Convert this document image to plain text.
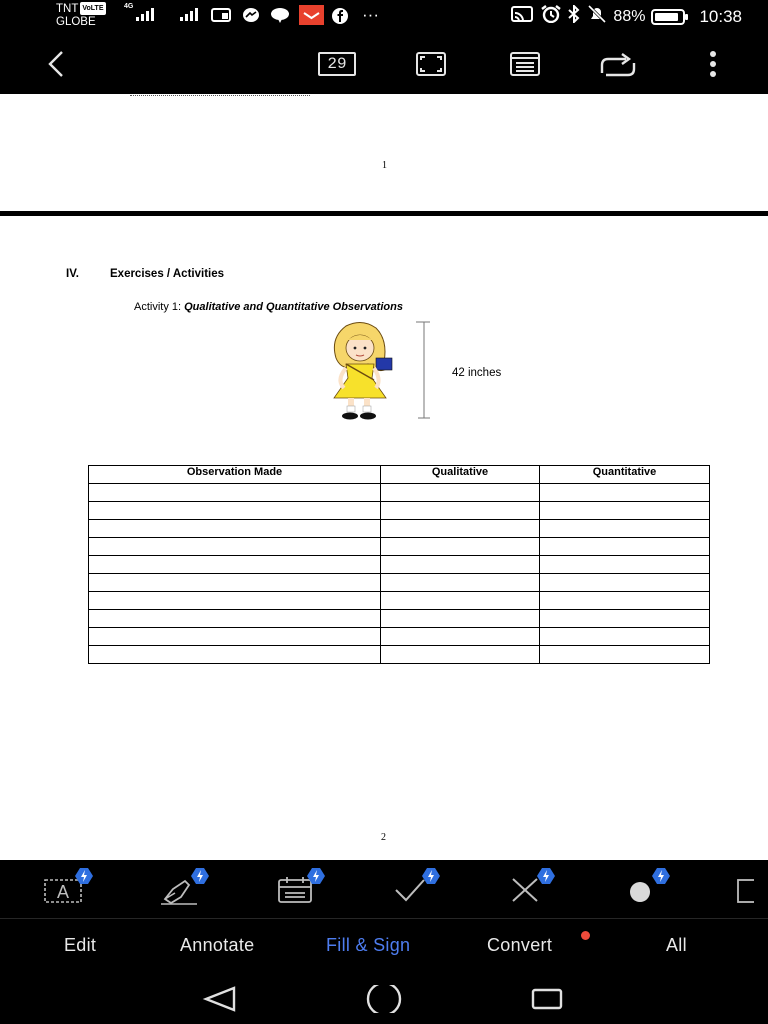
TNT VoLTE
GLOBE
4G	···	88%	10:38
29
1
IV.	Exercises / Activities
Activity 1: Qualitative and Quantitative Observations
42 inches
Observation Made	Qualitative	Quantitative

2
A
Edit	Annotate	Fill & Sign	Convert	All
